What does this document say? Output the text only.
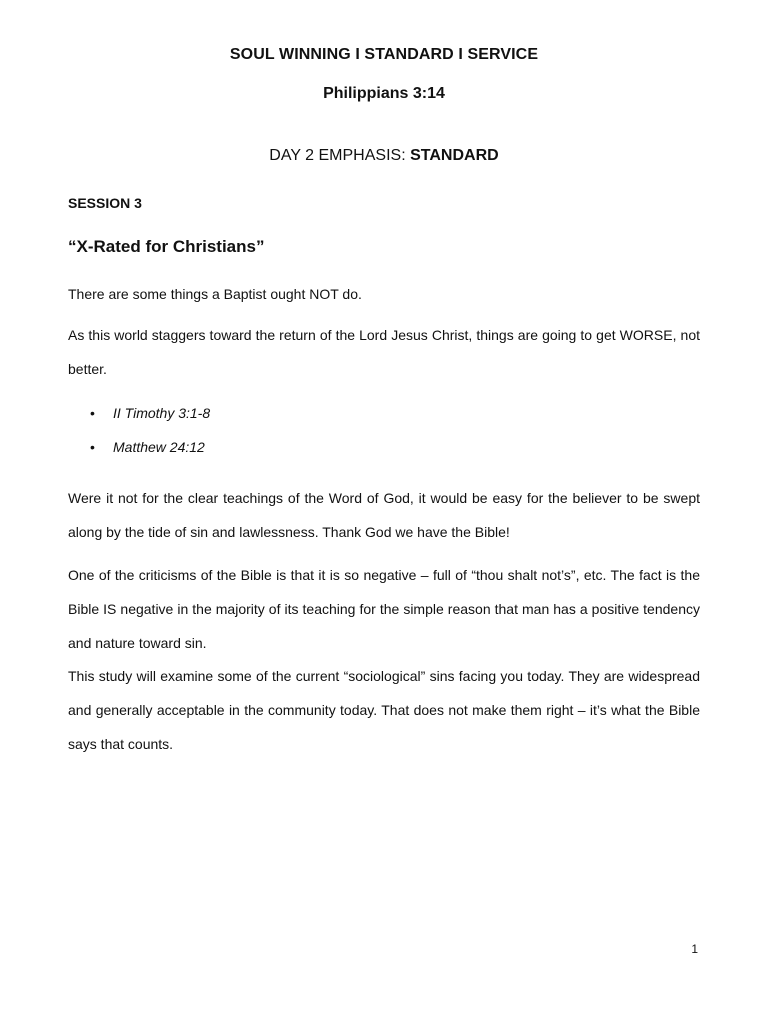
SOUL WINNING I STANDARD I SERVICE
Philippians 3:14
DAY 2 EMPHASIS: STANDARD
SESSION 3
“X-Rated for Christians”

There are some things a Baptist ought NOT do.

As this world staggers toward the return of the Lord Jesus Christ, things are going to get WORSE, not better.

• II Timothy 3:1-8
• Matthew 24:12

Were it not for the clear teachings of the Word of God, it would be easy for the believer to be swept along by the tide of sin and lawlessness. Thank God we have the Bible!

One of the criticisms of the Bible is that it is so negative – full of “thou shalt not’s”, etc. The fact is the Bible IS negative in the majority of its teaching for the simple reason that man has a positive tendency and nature toward sin.

This study will examine some of the current “sociological” sins facing you today. They are widespread and generally acceptable in the community today. That does not make them right – it’s what the Bible says that counts.

1
